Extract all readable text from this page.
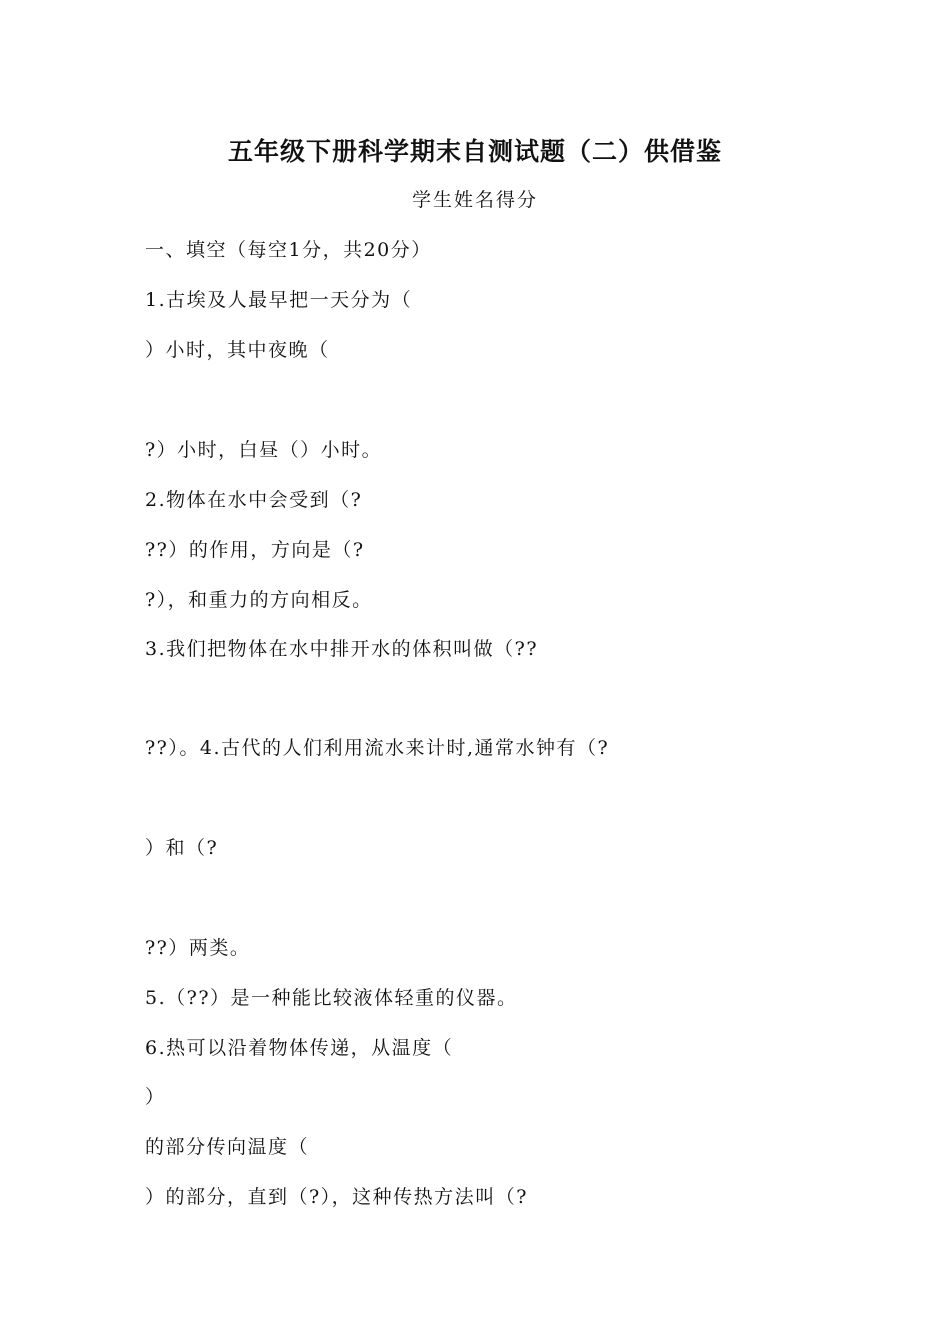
五年级下册科学期末自测试题（二）供借鉴
学生姓名得分
一、填空（每空1分，共20分）
1.古埃及人最早把一天分为（
）小时，其中夜晚（
?）小时，白昼（）小时。
2.物体在水中会受到（?
??）的作用，方向是（?
?），和重力的方向相反。
3.我们把物体在水中排开水的体积叫做（??
??）。4.古代的人们利用流水来计时,通常水钟有（?
）和（?
??）两类。
5.（??）是一种能比较液体轻重的仪器。
6.热可以沿着物体传递，从温度（
）
的部分传向温度（
）的部分，直到（?），这种传热方法叫（?
